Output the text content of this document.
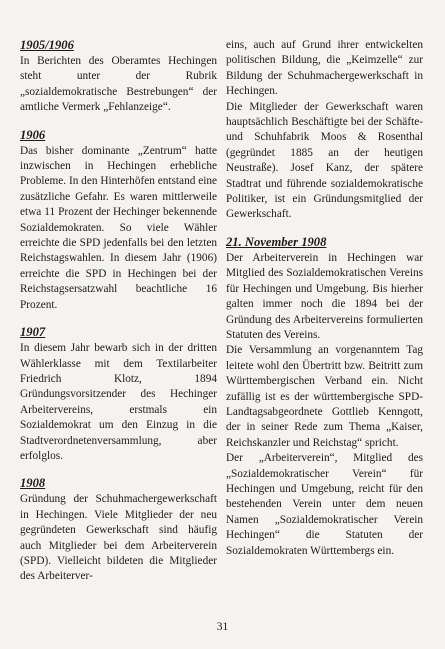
1905/1906

In Berichten des Oberamtes Hechingen steht unter der Rubrik „sozialdemokratische Bestrebungen“ der amtliche Vermerk „Fehlanzeige“.

1906

Das bisher dominante „Zentrum“ hatte inzwischen in Hechingen erhebliche Probleme. In den Hinterhöfen entstand eine zusätzliche Gefahr. Es waren mittlerweile etwa 11 Prozent der Hechinger bekennende Sozialdemokraten. So viele Wähler erreichte die SPD jedenfalls bei den letzten Reichstagswahlen. In diesem Jahr (1906) erreichte die SPD in Hechingen bei der Reichstagsersatzwahl beachtliche 16 Prozent.

1907

In diesem Jahr bewarb sich in der dritten Wählerklasse mit dem Textilarbeiter Friedrich Klotz, 1894 Gründungsvorsitzender des Hechinger Arbeitervereins, erstmals ein Sozialdemokrat um den Einzug in die Stadtverordnetenversammlung, aber erfolglos.

1908

Gründung der Schuhmachergewerkschaft in Hechingen. Viele Mitglieder der neu gegründeten Gewerkschaft sind häufig auch Mitglieder bei dem Arbeiterverein (SPD). Vielleicht bildeten die Mitglieder des Arbeiterver-

eins, auch auf Grund ihrer entwickelten politischen Bildung, die „Keimzelle“ zur Bildung der Schuhmachergewerkschaft in Hechingen.

Die Mitglieder der Gewerkschaft waren hauptsächlich Beschäftigte bei der Schäfte- und Schuhfabrik Moos & Rosenthal (gegründet 1885 an der heutigen Neustraße). Josef Kanz, der spätere Stadtrat und führende sozialdemokratische Politiker, ist ein Gründungsmitglied der Gewerkschaft.

21. November 1908

Der Arbeiterverein in Hechingen war Mitglied des Sozialdemokratischen Vereins für Hechingen und Umgebung. Bis hierher galten immer noch die 1894 bei der Gründung des Arbeitervereins formulierten Statuten des Vereins.

Die Versammlung an vorgenanntem Tag leitete wohl den Übertritt bzw. Beitritt zum Württembergischen Verband ein. Nicht zufällig ist es der württembergische SPD-Landtagsabgeordnete Gottlieb Kenngott, der in seiner Rede zum Thema „Kaiser, Reichskanzler und Reichstag“ spricht.

Der „Arbeiterverein“, Mitglied des „Sozialdemokratischer Verein“ für Hechingen und Umgebung, reicht für den bestehenden Verein unter dem neuen Namen „Sozialdemokratischer Verein Hechingen“ die Statuten der Sozialdemokraten Württembergs ein.

31
